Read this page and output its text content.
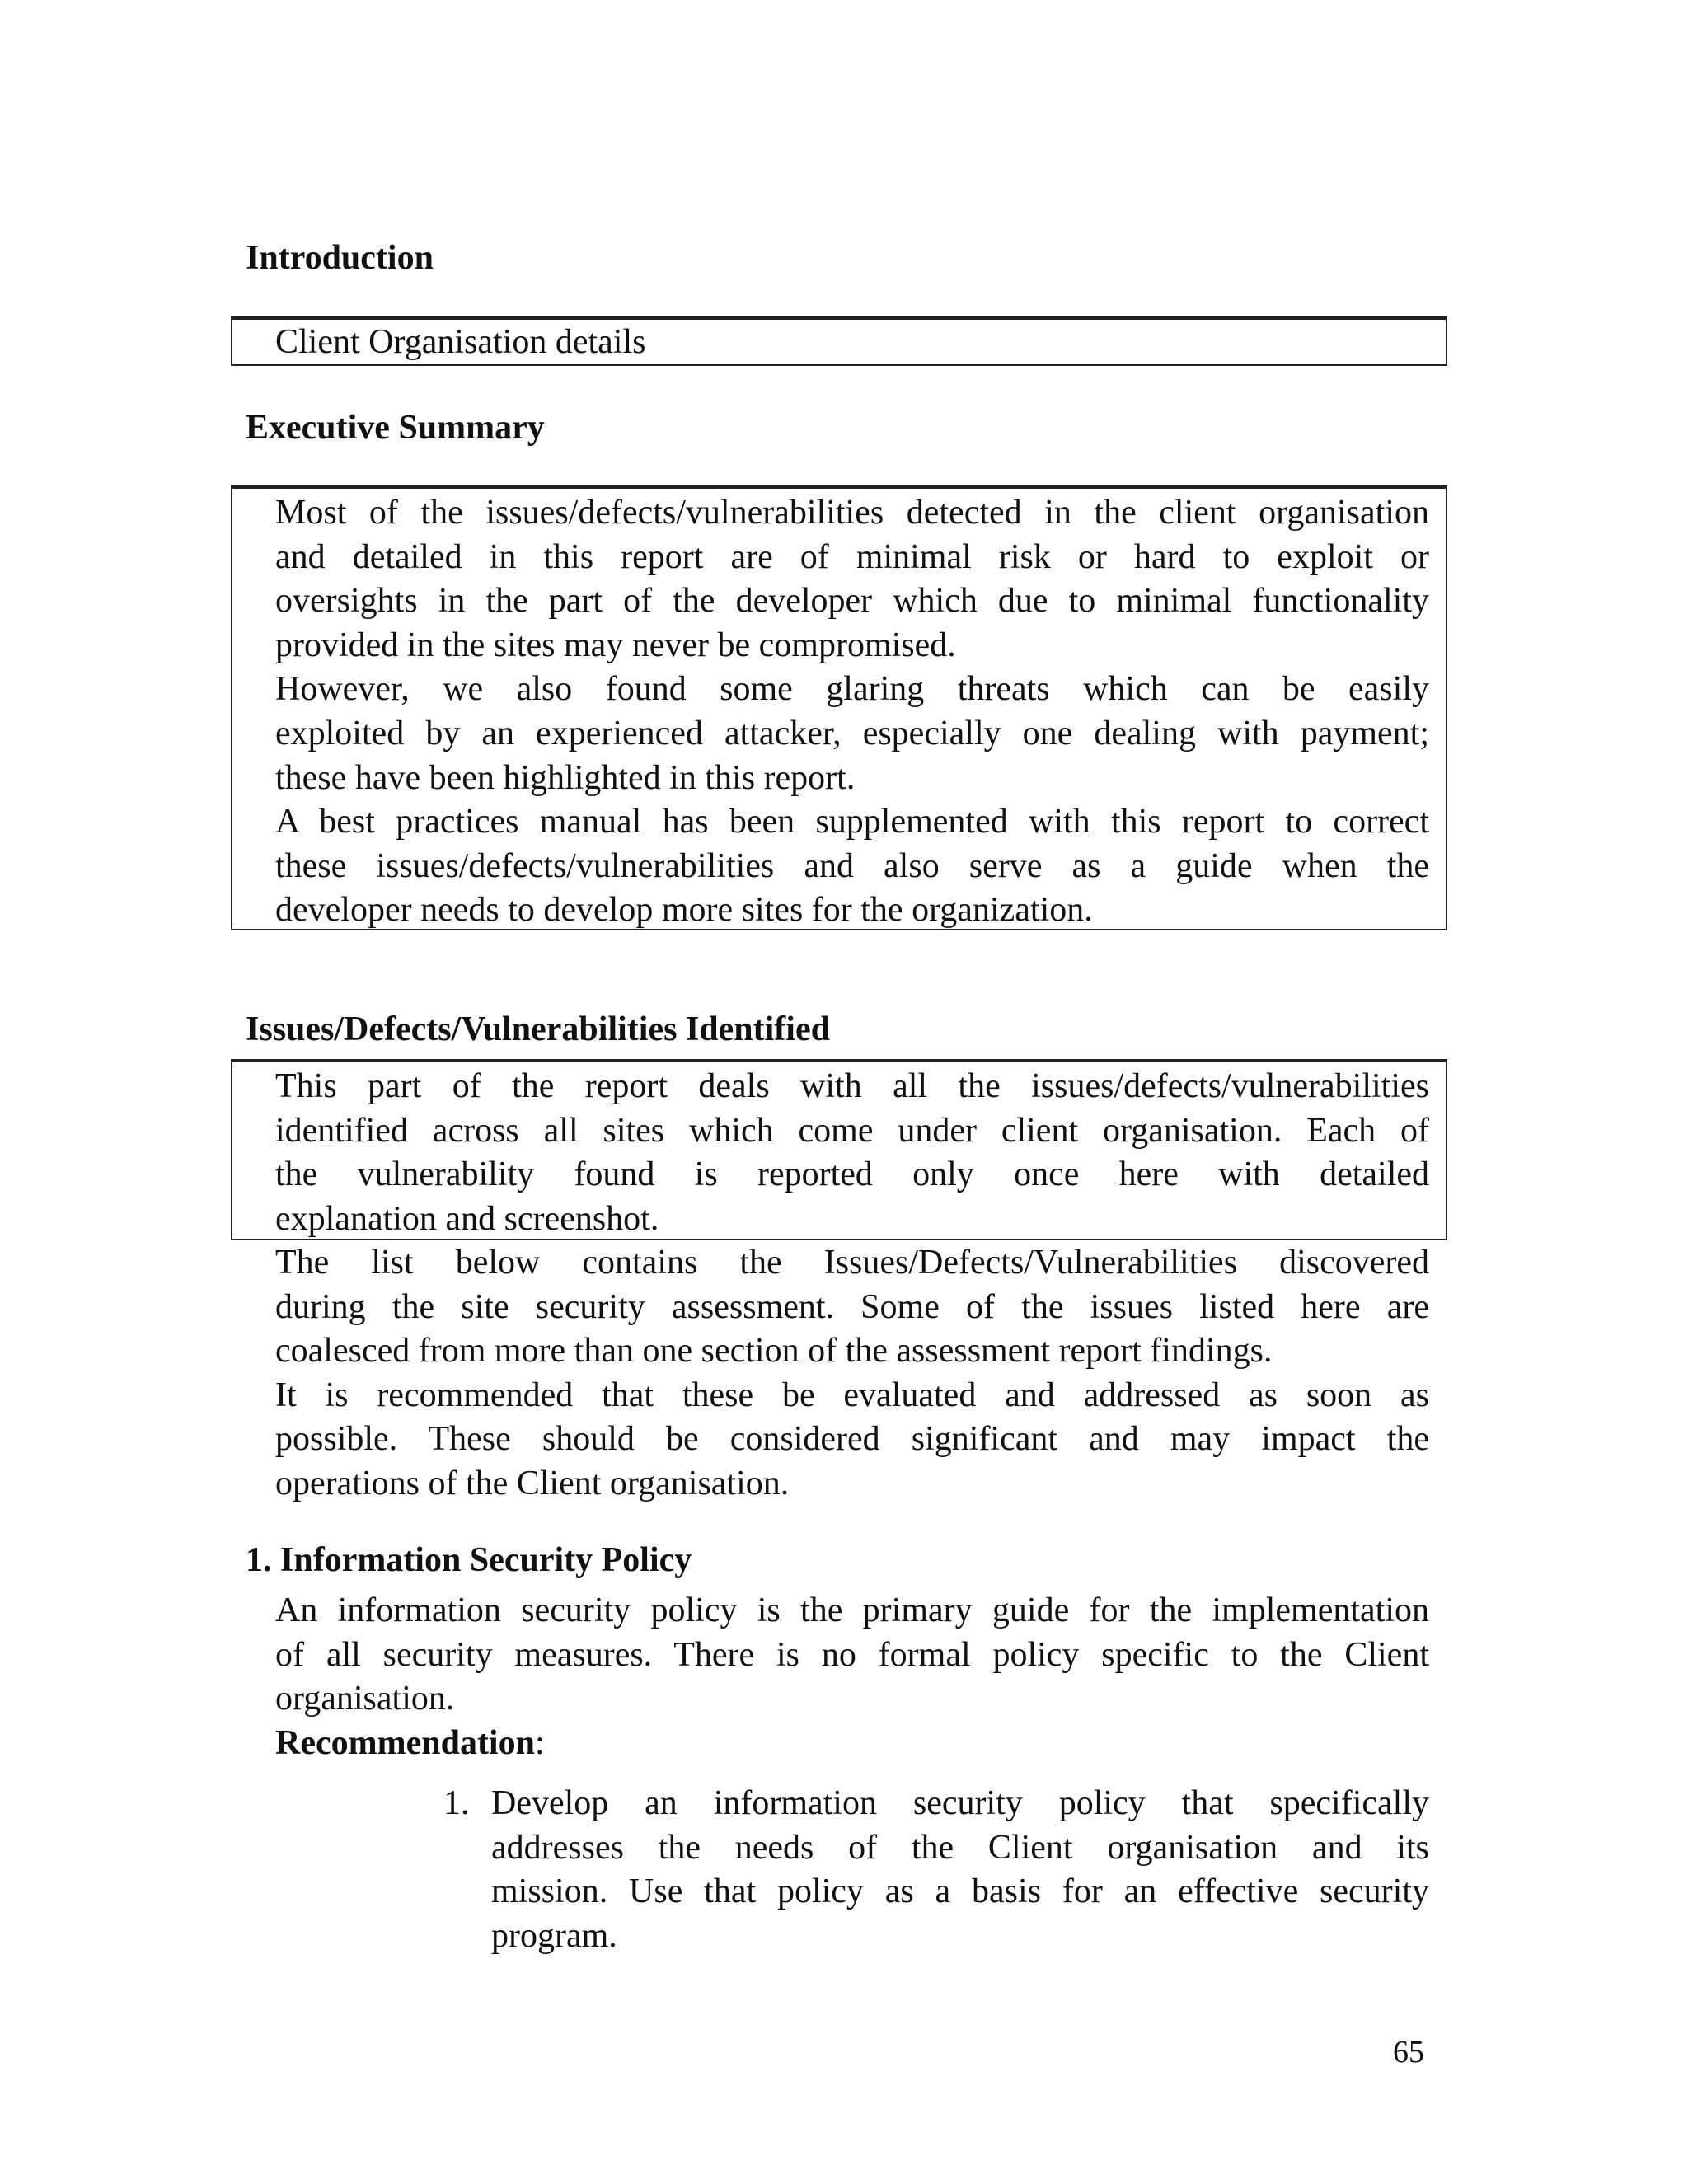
Introduction
Client Organisation details
Executive Summary
Most of the issues/defects/vulnerabilities detected in the client organisation
and detailed in this report are of minimal risk or hard to exploit or
oversights in the part of the developer which due to minimal functionality
provided in the sites may never be compromised.
However, we also found some glaring threats which can be easily
exploited by an experienced attacker, especially one dealing with payment;
these have been highlighted in this report.
A best practices manual has been supplemented with this report to correct
these issues/defects/vulnerabilities and also serve as a guide when the
developer needs to develop more sites for the organization.
Issues/Defects/Vulnerabilities Identified
This part of the report deals with all the issues/defects/vulnerabilities
identified across all sites which come under client organisation. Each of
the vulnerability found is reported only once here with detailed
explanation and screenshot.
The list below contains the Issues/Defects/Vulnerabilities discovered
during the site security assessment. Some of the issues listed here are
coalesced from more than one section of the assessment report findings.
It is recommended that these be evaluated and addressed as soon as
possible. These should be considered significant and may impact the
operations of the Client organisation.
1. Information Security Policy
An information security policy is the primary guide for the implementation
of all security measures. There is no formal policy specific to the Client
organisation.
Recommendation:
1. Develop an information security policy that specifically
addresses the needs of the Client organisation and its
mission. Use that policy as a basis for an effective security
program.
65
